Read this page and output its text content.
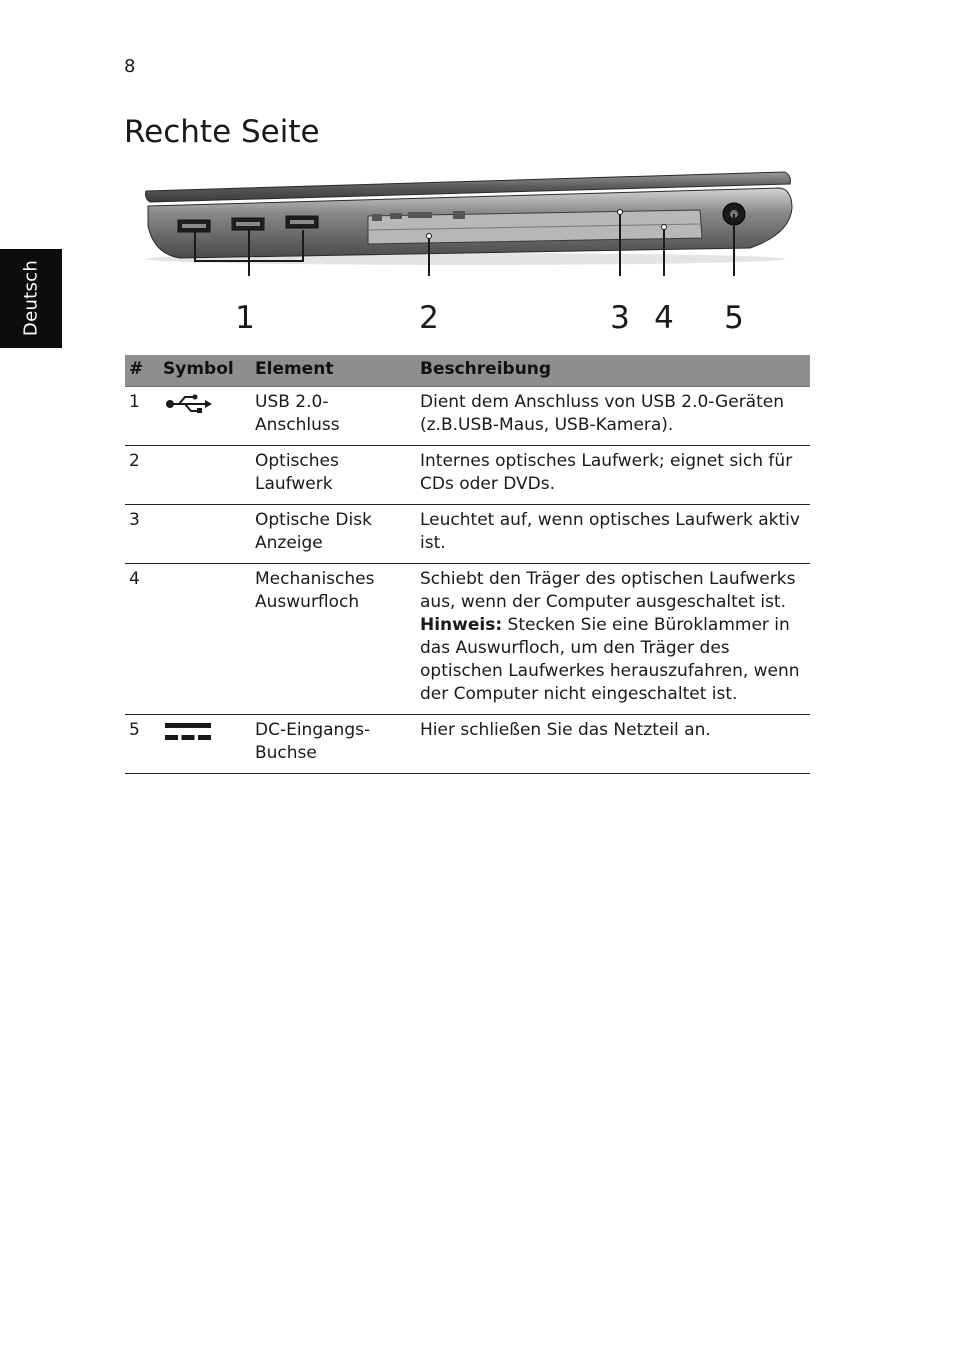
8
Deutsch
Rechte Seite
1	2	3 4 5
#	Symbol	Element	Beschreibung
1		USB 2.0-Anschluss	Dient dem Anschluss von USB 2.0-Geräten (z.B.USB-Maus, USB-Kamera).
2		Optisches Laufwerk	Internes optisches Laufwerk; eignet sich für CDs oder DVDs.
3		Optische Disk Anzeige	Leuchtet auf, wenn optisches Laufwerk aktiv ist.
4		Mechanisches Auswurfloch	Schiebt den Träger des optischen Laufwerks aus, wenn der Computer ausgeschaltet ist.
Hinweis: Stecken Sie eine Büroklammer in das Auswurfloch, um den Träger des optischen Laufwerkes herauszufahren, wenn der Computer nicht eingeschaltet ist.
5		DC-Eingangs-Buchse	Hier schließen Sie das Netzteil an.
